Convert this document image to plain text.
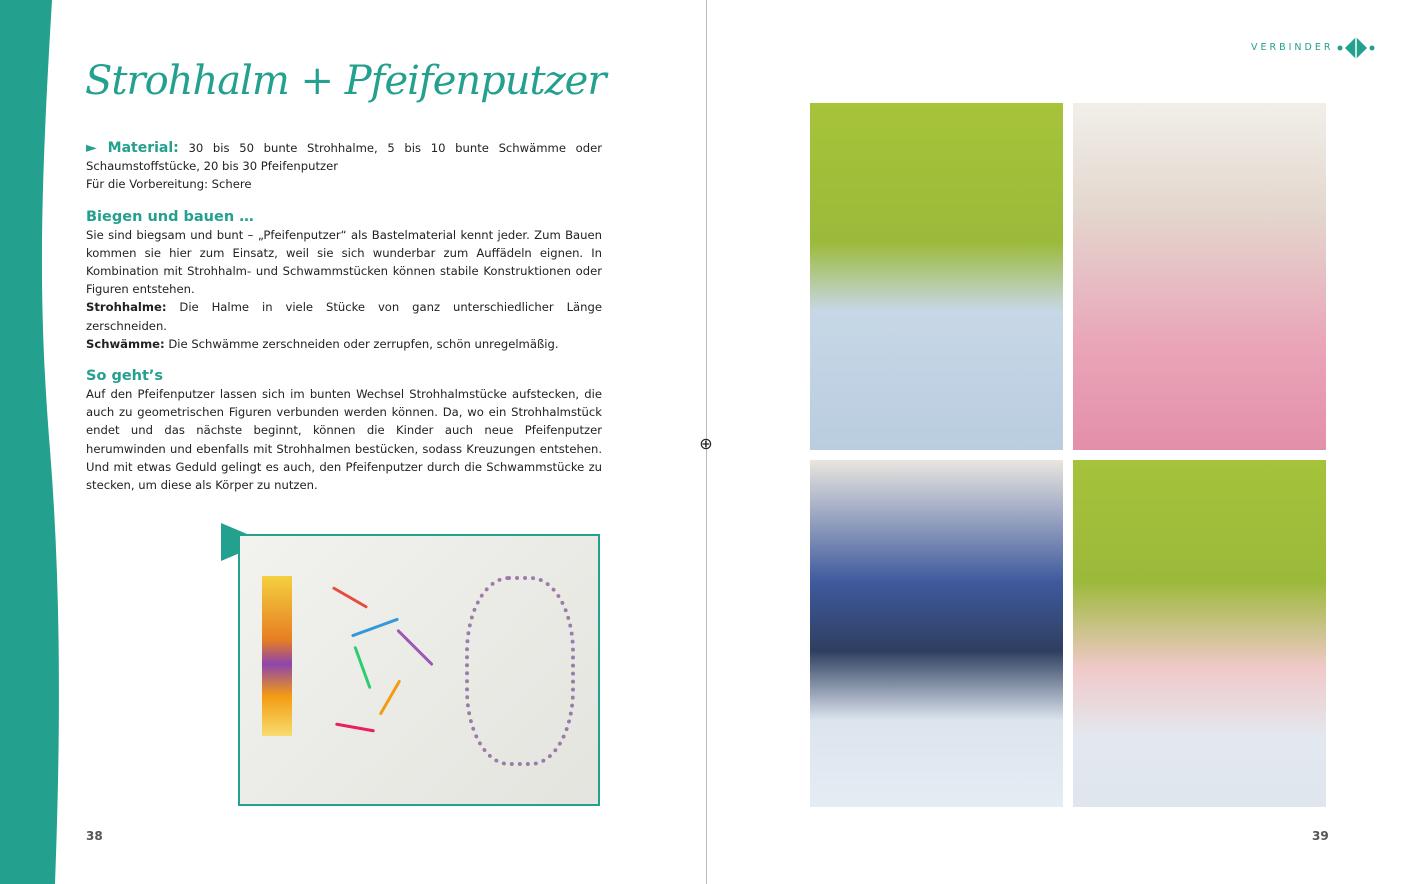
⊕
Strohhalm + Pfeifenputzer

► Material: 30 bis 50 bunte Strohhalme, 5 bis 10 bunte Schwämme oder Schaumstoffstücke, 20 bis 30 Pfeifenputzer

Für die Vorbereitung: Schere

Biegen und bauen …

Sie sind biegsam und bunt – „Pfeifenputzer“ als Bastelmaterial kennt jeder. Zum Bauen kommen sie hier zum Einsatz, weil sie sich wunderbar zum Auffädeln eignen. In Kombination mit Strohhalm- und Schwammstücken können stabile Konstruktionen oder Figuren entstehen.

Strohhalme: Die Halme in viele Stücke von ganz unterschiedlicher Länge zerschneiden.

Schwämme: Die Schwämme zerschneiden oder zerrupfen, schön unregelmäßig.

So geht’s

Auf den Pfeifenputzer lassen sich im bunten Wechsel Strohhalmstücke aufstecken, die auch zu geometrischen Figuren verbunden werden können. Da, wo ein Strohhalmstück endet und das nächste beginnt, können die Kinder auch neue Pfeifenputzer herumwinden und ebenfalls mit Strohhalmen bestücken, sodass Kreuzungen entstehen. Und mit etwas Geduld gelingt es auch, den Pfeifenputzer durch die Schwammstücke zu stecken, um diese als Körper zu nutzen.

VERBINDER
38	39
